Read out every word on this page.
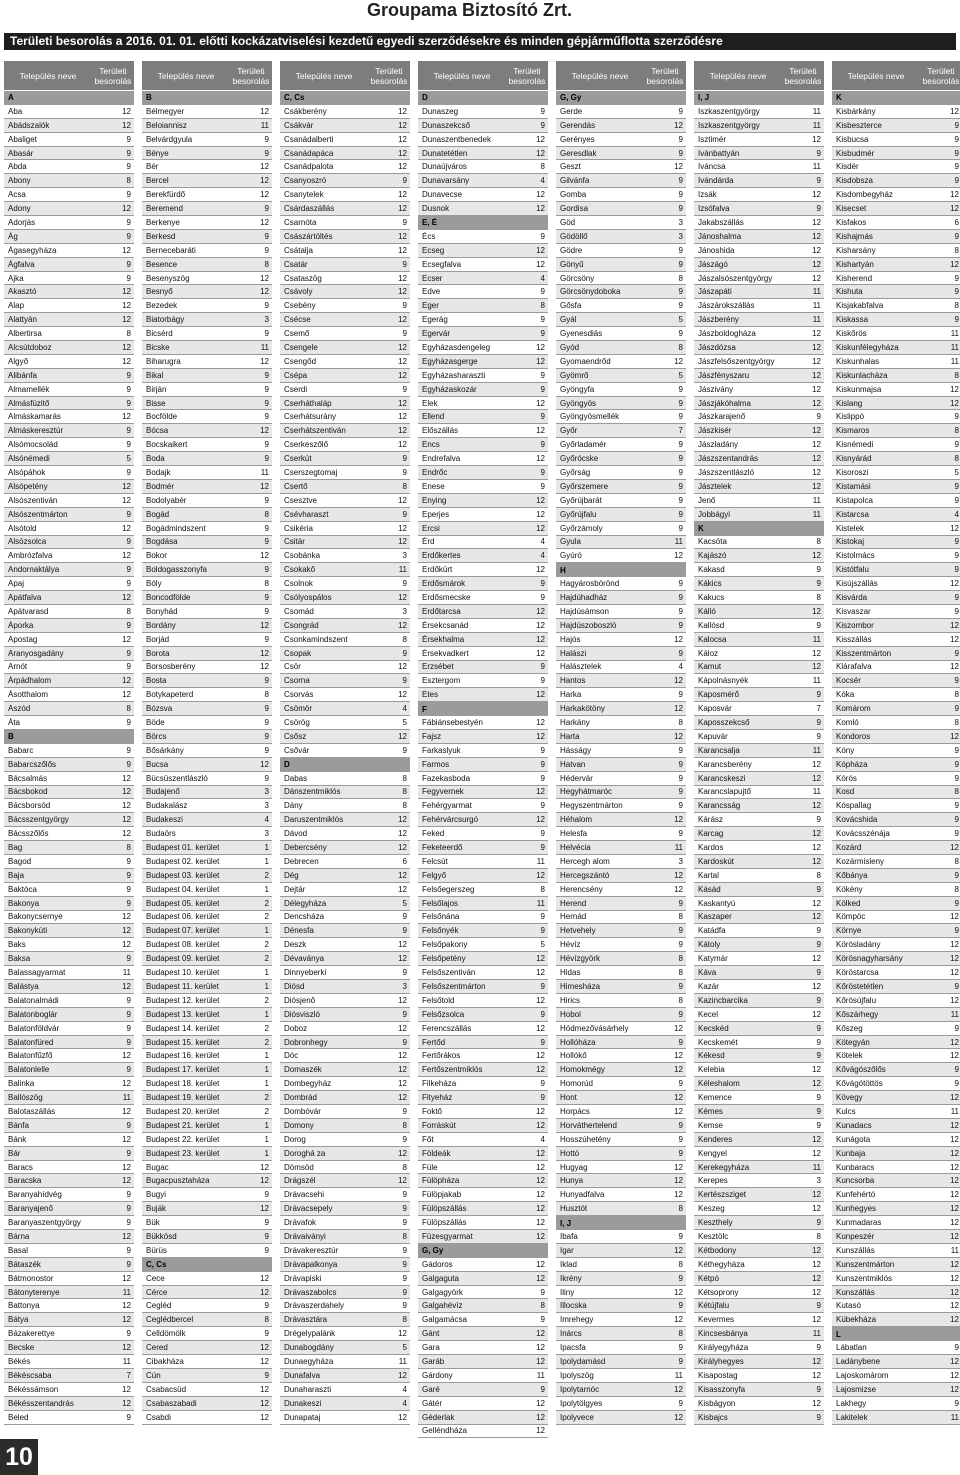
Groupama Biztosító Zrt.
Területi besorolás a 2016. 01. 01. előtti kockázatviselési kezdetű egyedi szerződésekre és minden gépjárműflotta szerződésre
Település neve	Területi besorolás
A
Aba	12
Abádszalók	12
Abaliget	9
Abasár	9
Abda	9
Abony	8
Acsa	9
Adony	12
Adorjás	9
Ág	9
Ágasegyháza	12
Ágfalva	9
Ajka	9
Akasztó	12
Alap	12
Alattyán	12
Albertirsa	8
Alcsútdoboz	12
Algyő	12
Alibánfa	9
Almamellék	9
Almásfüzitő	9
Almáskamarás	12
Almáskeresztúr	9
Alsómocsolád	9
Alsónémedi	5
Alsópáhok	9
Alsópetény	12
Alsószentiván	12
Alsószentmárton	9
Alsótold	12
Alsózsolca	9
Ambrózfalva	12
Andornaktálya	9
Apaj	9
Apátfalva	12
Apátvarasd	8
Áporka	9
Apostag	12
Aranyosgadány	9
Arnót	9
Árpádhalom	12
Ásotthalom	12
Aszód	8
Áta	9
B
Babarc	9
Babarcszőlős	9
Bácsalmás	12
Bácsbokod	12
Bácsborsód	12
Bácsszentgyörgy	12
Bácsszőlős	12
Bag	8
Bagod	9
Baja	9
Baktóca	9
Bakonya	9
Bakonycsernye	12
Bakonykúti	12
Baks	12
Baksa	9
Balassagyarmat	11
Balástya	12
Balatonalmádi	9
Balatonboglár	9
Balatonföldvár	9
Balatonfüred	9
Balatonfűzfő	12
Balatonlelle	9
Balinka	12
Ballószög	11
Balotaszállás	12
Bánfa	9
Bánk	12
Bár	9
Baracs	12
Baracska	12
Baranyahídvég	9
Baranyajenő	9
Baranyaszentgyörgy	9
Bárna	12
Basal	9
Bátaszék	9
Bátmonostor	12
Bátonyterenye	11
Battonya	12
Bátya	12
Bázakerettye	9
Becske	12
Békés	11
Békéscsaba	7
Békéssámson	12
Békésszentandrás	12
Beled	9
Település neve	Területi besorolás
B
Bélmegyer	12
Beloiannisz	11
Belvárdgyula	9
Bénye	9
Bér	12
Bercel	12
Berekfürdő	12
Beremend	9
Berkenye	12
Berkesd	9
Bernecebaráti	9
Besence	8
Besenyszög	12
Besnyő	12
Bezedek	9
Biatorbágy	3
Bicsérd	9
Bicske	11
Biharugra	12
Bikal	9
Birján	9
Bisse	9
Bocfölde	9
Bócsa	12
Bocskaikert	9
Boda	9
Bodajk	11
Bodmér	12
Bodolyabér	9
Bogád	8
Bogádmindszent	9
Bogdása	9
Bokor	12
Boldogasszonyfa	9
Bóly	8
Boncodfölde	9
Bonyhád	9
Bordány	12
Borjád	9
Borota	12
Borsosberény	12
Bosta	9
Botykapeterd	8
Bózsva	9
Böde	9
Börcs	9
Bősárkány	9
Bucsa	12
Bücsüszentlászló	9
Budajenő	3
Budakalász	3
Budakeszi	4
Budaörs	3
Budapest 01. kerület	1
Budapest 02. kerület	1
Budapest 03. kerület	2
Budapest 04. kerület	1
Budapest 05. kerület	2
Budapest 06. kerület	2
Budapest 07. kerület	1
Budapest 08. kerület	2
Budapest 09. kerület	2
Budapest 10. kerület	1
Budapest 11. kerület	1
Budapest 12. kerület	2
Budapest 13. kerület	1
Budapest 14. kerület	2
Budapest 15. kerület	2
Budapest 16. kerület	1
Budapest 17. kerület	1
Budapest 18. kerület	1
Budapest 19. kerület	2
Budapest 20. kerület	2
Budapest 21. kerület	1
Budapest 22. kerület	1
Budapest 23. kerület	1
Bugac	12
Bugacpusztaháza	12
Bugyi	9
Buják	12
Bük	9
Bükkösd	9
Bürüs	9
C, Cs
Cece	12
Cérce	12
Cegléd	9
Ceglédbercel	8
Celldömölk	9
Cered	12
Cibakháza	12
Cún	9
Csabacsüd	12
Csabaszabadi	12
Csabdi	12
Település neve	Területi besorolás
C, Cs
Csákberény	12
Csákvár	12
Csanádalberti	12
Csanádapáca	12
Csanádpalota	12
Csanyoszró	9
Csanytelek	12
Csárdaszállás	12
Csarnóta	9
Császártöltés	12
Csátalja	12
Csatár	9
Csataszög	12
Csávoly	12
Csebény	9
Csécse	12
Csemő	9
Csengele	12
Csengőd	12
Csépa	12
Cserdi	9
Cserháthaláp	12
Cserhátsurány	12
Cserhátszentiván	12
Cserkeszőlő	12
Cserkút	9
Cserszegtomaj	9
Csertő	8
Csesztve	12
Csévharaszt	9
Csikéria	12
Csitár	12
Csobánka	3
Csokakő	11
Csolnok	9
Csólyospálos	12
Csomád	3
Csongrád	12
Csonkamindszent	8
Csopak	9
Csör	12
Csorna	9
Csorvás	12
Csömör	4
Csörög	5
Csősz	12
Csővár	9
D
Dabas	8
Dánszentmiklós	8
Dány	8
Daruszentmiklós	12
Dávod	12
Debercsény	12
Debrecen	6
Dég	12
Dejtár	12
Délegyháza	5
Dencsháza	9
Dénesfa	9
Deszk	12
Dévaványa	12
Dinnyeberki	9
Diósd	3
Diósjenő	12
Diósviszló	9
Doboz	12
Dobronhegy	9
Dóc	12
Domaszék	12
Dombegyház	12
Dombrád	12
Dombóvár	9
Domony	8
Dorog	9
Doroghá za	12
Dömsöd	8
Drágszél	12
Drávacsehi	9
Drávacsepely	9
Drávafok	9
Drávaiványi	8
Drávakeresztúr	9
Drávapalkonya	9
Drávapiski	9
Drávaszabolcs	9
Drávaszerdahely	9
Drávasztára	8
Drégelypalánk	12
Dunabogdány	5
Dunaegyháza	11
Dunafalva	12
Dunaharaszti	4
Dunakeszi	4
Dunapataj	12
Település neve	Területi besorolás
D
Dunaszeg	9
Dunaszekcső	9
Dunaszentbenedek	12
Dunatetétlen	12
Dunaújváros	8
Dunavarsány	4
Dunavecse	12
Dusnok	12
E, É
Écs	9
Ecseg	12
Ecsegfalva	12
Ecser	4
Edve	9
Eger	8
Egerág	9
Egervár	9
Egyházasdengeleg	12
Egyházasgerge	12
Egyházasharaszti	9
Egyházaskozár	9
Elek	12
Ellend	9
Előszállás	12
Encs	9
Endrefalva	12
Endrőc	9
Enese	9
Enying	12
Eperjes	12
Ercsi	12
Érd	4
Erdőkertes	4
Erdőkürt	12
Erdősmárok	9
Erdősmecske	9
Erdőtarcsa	12
Érsekcsanád	12
Érsekhalma	12
Érsekvadkert	12
Erzsébet	9
Esztergom	9
Etes	12
F
Fábiánsebestyén	12
Fajsz	12
Farkaslyuk	9
Farmos	9
Fazekasboda	9
Fegyvernek	12
Fehérgyarmat	9
Fehérvárcsurgó	12
Feked	9
Feketeerdő	9
Felcsút	11
Felgyő	12
Felsőegerszeg	8
Felsőlajos	11
Felsőnána	9
Felsőnyék	9
Felsőpakony	5
Felsőpetény	12
Felsőszentiván	12
Felsőszentmárton	9
Felsőtold	12
Felsőzsolca	9
Ferencszállás	12
Fertőd	9
Fertőrákos	12
Fertőszentmiklós	12
Filkeháza	9
Fityeház	9
Foktő	12
Forráskút	12
Főt	4
Földeák	12
Füle	12
Fülöpháza	12
Fülöpjakab	12
Fülöpszállás	12
Fülöpszállás	12
Füzesgyarmat	12
G, Gy
Gádoros	12
Galgaguta	12
Galgagyörk	9
Galgahévíz	8
Galgamácsa	9
Gánt	12
Gara	12
Garáb	12
Gárdony	11
Garé	9
Gátér	12
Géderlak	12
Gelléndháza	12
Település neve	Területi besorolás
G, Gy
Gerde	9
Gerendás	12
Gerényes	9
Geresdlak	9
Geszt	12
Gilvánfa	9
Gomba	9
Gordisa	9
Göd	3
Gödöllő	3
Gödre	9
Gönyű	9
Görcsöny	8
Görcsönydoboka	9
Gősfa	9
Gyál	5
Gyenesdiás	9
Gyód	8
Gyomaendrőd	12
Gyömrő	5
Gyöngyfa	9
Gyöngyös	9
Gyöngyösmellék	9
Győr	7
Győrladamér	9
Győrócske	9
Győrság	9
Győrszemere	9
Győrújbarát	9
Győrújfalu	9
Győrzámoly	9
Gyula	11
Gyúró	12
H
Hagyárosbörönd	9
Hajdúhadház	9
Hajdúsámson	9
Hajdúszoboszló	9
Hajós	12
Halászi	9
Halásztelek	4
Hantos	12
Harka	9
Harkakötöny	12
Harkány	8
Harta	12
Hásságy	9
Hatvan	9
Hédervár	9
Hegyhátmaróc	9
Hegyszentmárton	9
Héhalom	12
Helesfa	9
Helvécia	11
Hercegh alom	3
Hercegszántó	12
Herencsény	12
Herend	9
Hernád	8
Hetvehely	9
Hévíz	9
Hévízgyörk	8
Hidas	8
Himesháza	9
Hirics	8
Hobol	9
Hódmezővásárhely	12
Hollóháza	9
Hollókő	12
Homokmégy	12
Homorúd	9
Hont	12
Horpács	12
Horváthertelend	9
Hosszúhetény	9
Hottó	9
Hugyag	12
Hunya	12
Hunyadfalva	12
Husztót	8
I, J
Ibafa	9
Igar	12
Iklad	8
Ikrény	9
Iliny	12
Illocska	9
Imrehegy	12
Inárcs	8
Ipacsfa	9
Ipolydamásd	9
Ipolyszög	11
Ipolytarnóc	12
Ipolytölgyes	9
Ipolyvece	12
Település neve	Területi besorolás
I, J
Iszkaszentgyörgy	11
Iszkaszentgyörgy	11
Isztimér	12
Ivánbattyán	9
Iváncsa	11
Ivándárda	9
Izsák	12
Izsófalva	9
Jakabszállás	12
Jánoshalma	12
Jánoshida	12
Jászágó	12
Jászalsószentgyörgy	12
Jászapáti	11
Jászárokszállás	11
Jászberény	11
Jászboldogháza	12
Jászdózsa	12
Jászfelsőszentgyörgy	12
Jászfényszaru	12
Jászivány	12
Jászjákóhalma	12
Jászkarajenő	9
Jászkisér	12
Jászladány	12
Jászszentandrás	12
Jászszentlászló	12
Jásztelek	12
Jenő	11
Jobbágyi	11
K
Kacsóta	8
Kajászó	12
Kakasd	9
Kákics	9
Kakucs	8
Kálló	12
Kallósd	9
Kalocsa	11
Káloz	12
Kamut	12
Kápolnásnyék	11
Kaposmérő	9
Kaposvár	7
Kaposszekcső	9
Kapuvár	9
Karancsalja	11
Karancsberény	12
Karancskeszi	12
Karancslapujtő	11
Karancsság	12
Kárász	9
Karcag	12
Kardos	12
Kardoskút	12
Kartal	8
Kásád	9
Kaskantyú	12
Kaszaper	12
Katádfa	9
Kátoly	9
Katymár	12
Káva	9
Kazár	12
Kazincbarcika	9
Kecel	12
Kecskéd	9
Kecskemét	9
Kékesd	9
Kelebia	12
Kéleshalom	12
Kemence	9
Kémes	9
Kemse	9
Kenderes	12
Kengyel	12
Kerekegyháza	11
Kerepes	3
Kertészsziget	12
Keszeg	12
Keszthely	9
Kesztölc	8
Kétbodony	12
Kéthegyháza	12
Kétpó	12
Kétsoprony	12
Kétújfalu	9
Kevermes	12
Kincsesbánya	11
Királyegyháza	9
Királyhegyes	12
Kisapostag	12
Kisasszonyfa	9
Kisbágyon	12
Kisbajcs	9
Település neve	Területi besorolás
K
Kisbárkány	12
Kisbeszterce	9
Kisbucsa	9
Kisbudmér	9
Kisdér	9
Kisdobsza	9
Kisdombegyház	12
Kisecset	12
Kisfakos	6
Kishajmás	9
Kisharsány	8
Kishartyán	12
Kisherend	9
Kishuta	9
Kisjakabfalva	8
Kiskassa	9
Kiskőrös	11
Kiskunfélegyháza	11
Kiskunhalas	11
Kiskunlacháza	8
Kiskunmajsa	12
Kislang	12
Kislippó	9
Kismaros	8
Kisnémedi	9
Kisnyárád	8
Kisoroszi	5
Kistamási	9
Kistapolca	9
Kistarcsa	4
Kistelek	12
Kistokaj	9
Kistolmács	9
Kistótfalu	9
Kisújszállás	12
Kisvárda	9
Kisvaszar	9
Kiszombor	12
Kisszállás	12
Kisszentmárton	9
Klárafalva	12
Kocsér	9
Kóka	8
Komárom	9
Komló	8
Kondoros	12
Kóny	9
Kópháza	9
Kórós	9
Kosd	8
Kóspallag	9
Kovácshida	9
Kovácsszénája	9
Kozárd	12
Kozármisleny	8
Kőbánya	9
Kökény	8
Kölked	9
Kömpöc	12
Környe	9
Körösladány	12
Körösnagyharsány	12
Köröstarcsa	12
Kőröstetétlen	9
Kőrösújfalu	12
Kőszárhegy	11
Kőszeg	9
Kötegyán	12
Kötelek	12
Kővágószőlős	9
Kővágótöttös	9
Kövegy	12
Kulcs	11
Kunadacs	12
Kunágota	12
Kunbaja	12
Kunbaracs	12
Kuncsorba	12
Kunfehértó	12
Kunhegyes	12
Kunmadaras	12
Kunpeszér	12
Kunszállás	11
Kunszentmárton	12
Kunszentmiklós	12
Kunszállás	12
Kutasó	12
Kübekháza	12
L
Lábatlan	9
Ladánybene	12
Lajoskomárom	12
Lajosmizse	12
Lakhegy	9
Lakitelek	11
10
